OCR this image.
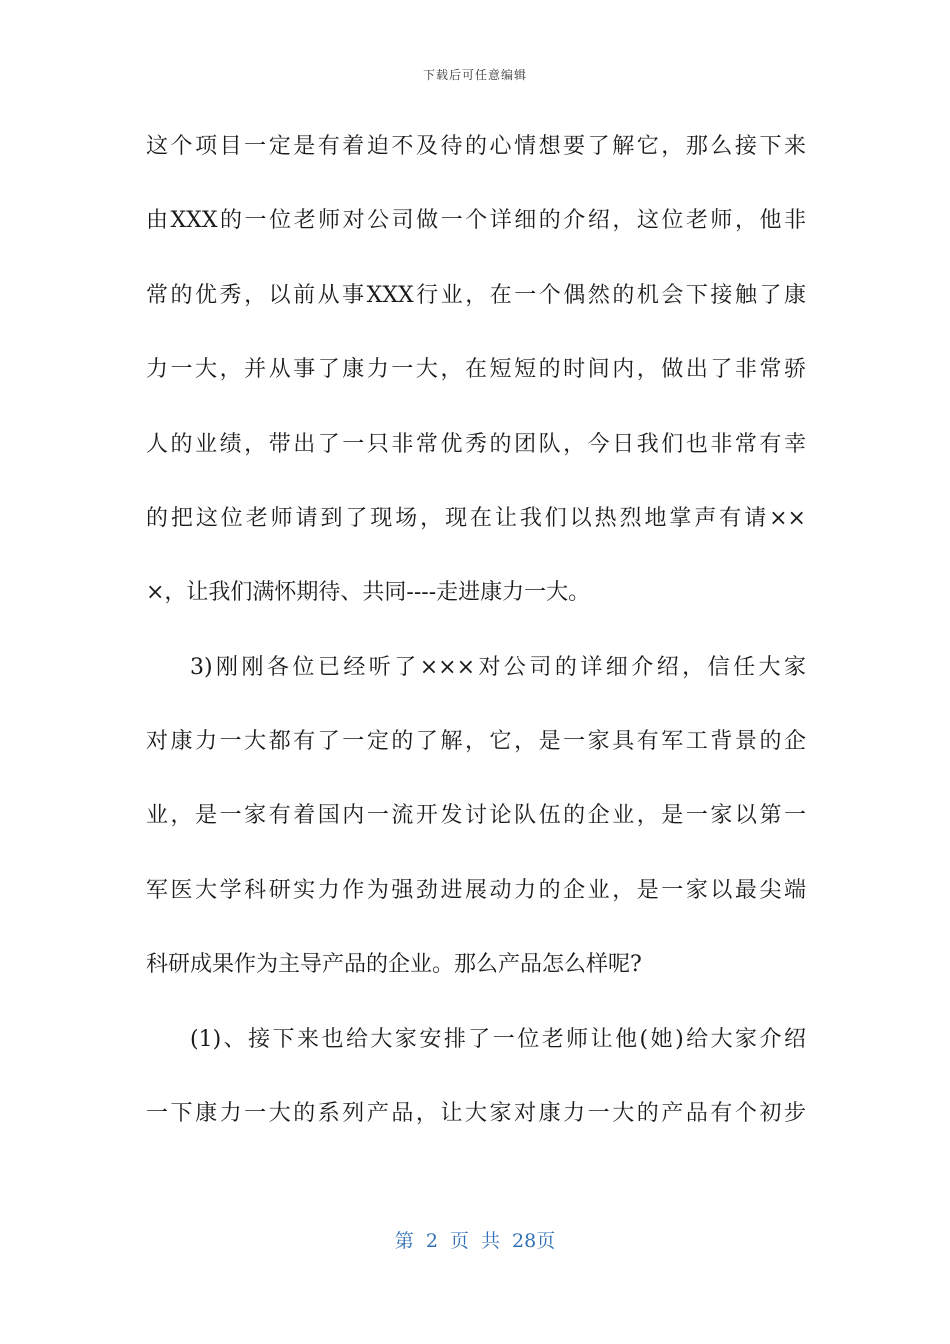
下载后可任意编辑
这个项目一定是有着迫不及待的心情想要了解它，那么接下来
由XXX的一位老师对公司做一个详细的介绍，这位老师，他非
常的优秀，以前从事XXX行业，在一个偶然的机会下接触了康
力一大，并从事了康力一大，在短短的时间内，做出了非常骄
人的业绩，带出了一只非常优秀的团队，今日我们也非常有幸
的把这位老师请到了现场，现在让我们以热烈地掌声有请××
×，让我们满怀期待、共同----走进康力一大。
3)刚刚各位已经听了×××对公司的详细介绍，信任大家
对康力一大都有了一定的了解，它，是一家具有军工背景的企
业，是一家有着国内一流开发讨论队伍的企业，是一家以第一
军医大学科研实力作为强劲进展动力的企业，是一家以最尖端
科研成果作为主导产品的企业。那么产品怎么样呢?
(1)、接下来也给大家安排了一位老师让他(她)给大家介绍
一下康力一大的系列产品，让大家对康力一大的产品有个初步
第 2 页 共 28页
